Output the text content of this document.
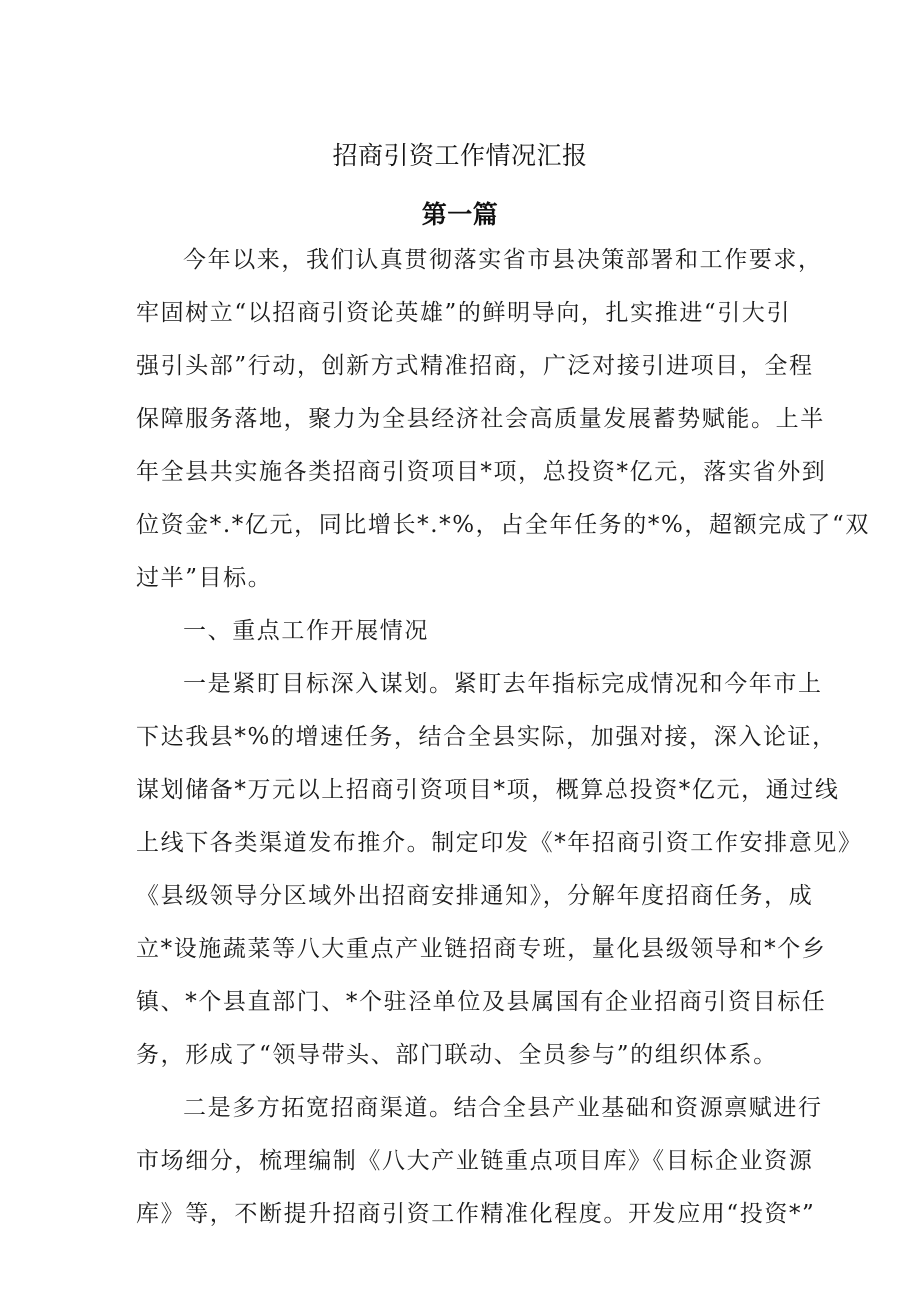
招商引资工作情况汇报
第一篇
今年以来，我们认真贯彻落实省市县决策部署和工作要求，
牢固树立“以招商引资论英雄”的鲜明导向，扎实推进“引大引
强引头部”行动，创新方式精准招商，广泛对接引进项目，全程
保障服务落地，聚力为全县经济社会高质量发展蓄势赋能。上半
年全县共实施各类招商引资项目*项，总投资*亿元，落实省外到
位资金*.*亿元，同比增长*.*%，占全年任务的*%，超额完成了“双
过半”目标。
一、重点工作开展情况
一是紧盯目标深入谋划。紧盯去年指标完成情况和今年市上
下达我县*%的增速任务，结合全县实际，加强对接，深入论证，
谋划储备*万元以上招商引资项目*项，概算总投资*亿元，通过线
上线下各类渠道发布推介。制定印发《*年招商引资工作安排意见》
《县级领导分区域外出招商安排通知》，分解年度招商任务，成
立*设施蔬菜等八大重点产业链招商专班，量化县级领导和*个乡
镇、*个县直部门、*个驻泾单位及县属国有企业招商引资目标任
务，形成了“领导带头、部门联动、全员参与”的组织体系。
二是多方拓宽招商渠道。结合全县产业基础和资源禀赋进行
市场细分，梳理编制《八大产业链重点项目库》《目标企业资源
库》等，不断提升招商引资工作精准化程度。开发应用“投资*”
